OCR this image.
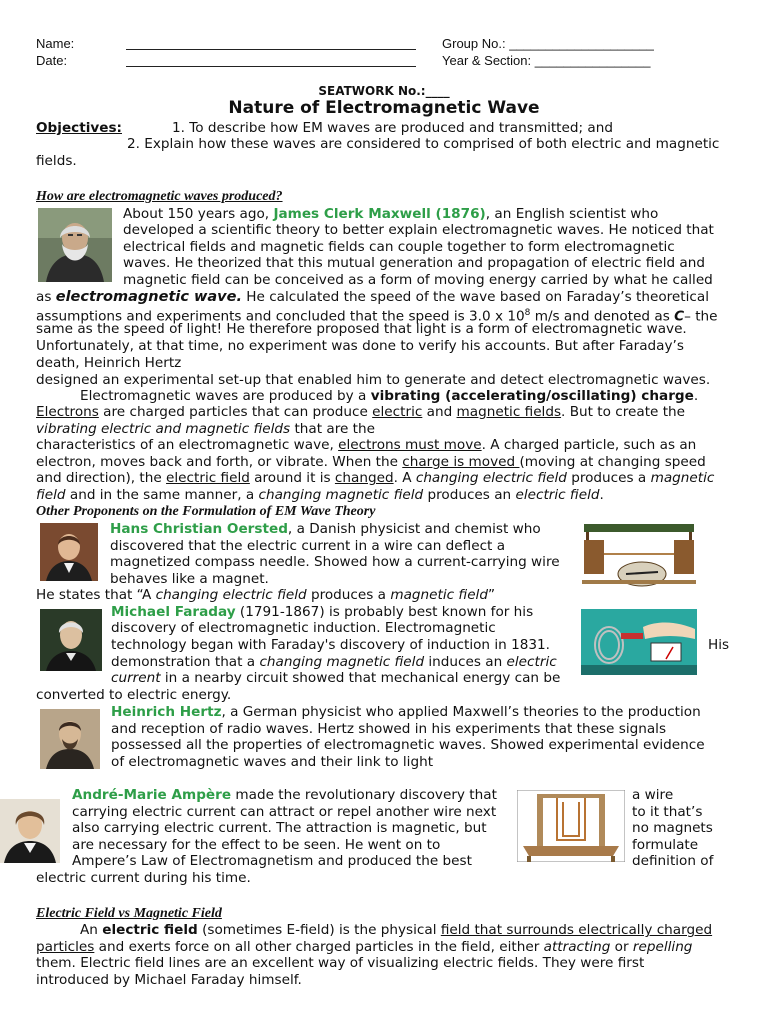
Name:
Date:
Group No.: ____________________
Year & Section: ________________
SEATWORK No.:____
Nature of Electromagnetic Wave
Objectives:	1. To describe how EM waves are produced and transmitted; and
2. Explain how these waves are considered to comprised of both electric and magnetic
fields.
How are electromagnetic waves produced?
About 150 years ago, James Clerk Maxwell (1876), an English scientist who
developed a scientific theory to better explain electromagnetic waves. He noticed that
electrical fields and magnetic fields can couple together to form electromagnetic
waves. He theorized that this mutual generation and propagation of electric field and
magnetic field can be conceived as a form of moving energy carried by what he called
as electromagnetic wave. He calculated the speed of the wave based on Faraday’s theoretical
assumptions and experiments and concluded that the speed is 3.0 x $10^8$ m/s and denoted as C– the
same as the speed of light! He therefore proposed that light is a form of electromagnetic wave.
Unfortunately, at that time, no experiment was done to verify his accounts. But after Faraday’s
death, Heinrich Hertz
designed an experimental set-up that enabled him to generate and detect electromagnetic waves.
Electromagnetic waves are produced by a vibrating (accelerating/oscillating) charge.
Electrons are charged particles that can produce electric and magnetic fields. But to create the
vibrating electric and magnetic fields that are the
characteristics of an electromagnetic wave, electrons must move. A charged particle, such as an
electron, moves back and forth, or vibrate. When the charge is moved (moving at changing speed
and direction), the electric field around it is changed. A changing electric field produces a magnetic
field and in the same manner, a changing magnetic field produces an electric field.
Other Proponents on the Formulation of EM Wave Theory
Hans Christian Oersted, a Danish physicist and chemist who
discovered that the electric current in a wire can deflect a
magnetized compass needle. Showed how a current-carrying wire
behaves like a magnet.
He states that “A changing electric field produces a magnetic field”
Michael Faraday (1791-1867) is probably best known for his
discovery of electromagnetic induction. Electromagnetic
technology began with Faraday's discovery of induction in 1831.	His
demonstration that a changing magnetic field induces an electric
current in a nearby circuit showed that mechanical energy can be
converted to electric energy.
Heinrich Hertz, a German physicist who applied Maxwell’s theories to the production
and reception of radio waves. Hertz showed in his experiments that these signals
possessed all the properties of electromagnetic waves. Showed experimental evidence
of electromagnetic waves and their link to light
André-Marie Ampère made the revolutionary discovery that
carrying electric current can attract or repel another wire next
also carrying electric current. The attraction is magnetic, but
are necessary for the effect to be seen. He went on to
Ampere’s Law of Electromagnetism and produced the best
electric current during his time.
a wire
to it that’s
no magnets
formulate
definition of
Electric Field vs Magnetic Field
An electric field (sometimes E-field) is the physical field that surrounds electrically charged
particles and exerts force on all other charged particles in the field, either attracting or repelling
them. Electric field lines are an excellent way of visualizing electric fields. They were first
introduced by Michael Faraday himself.
